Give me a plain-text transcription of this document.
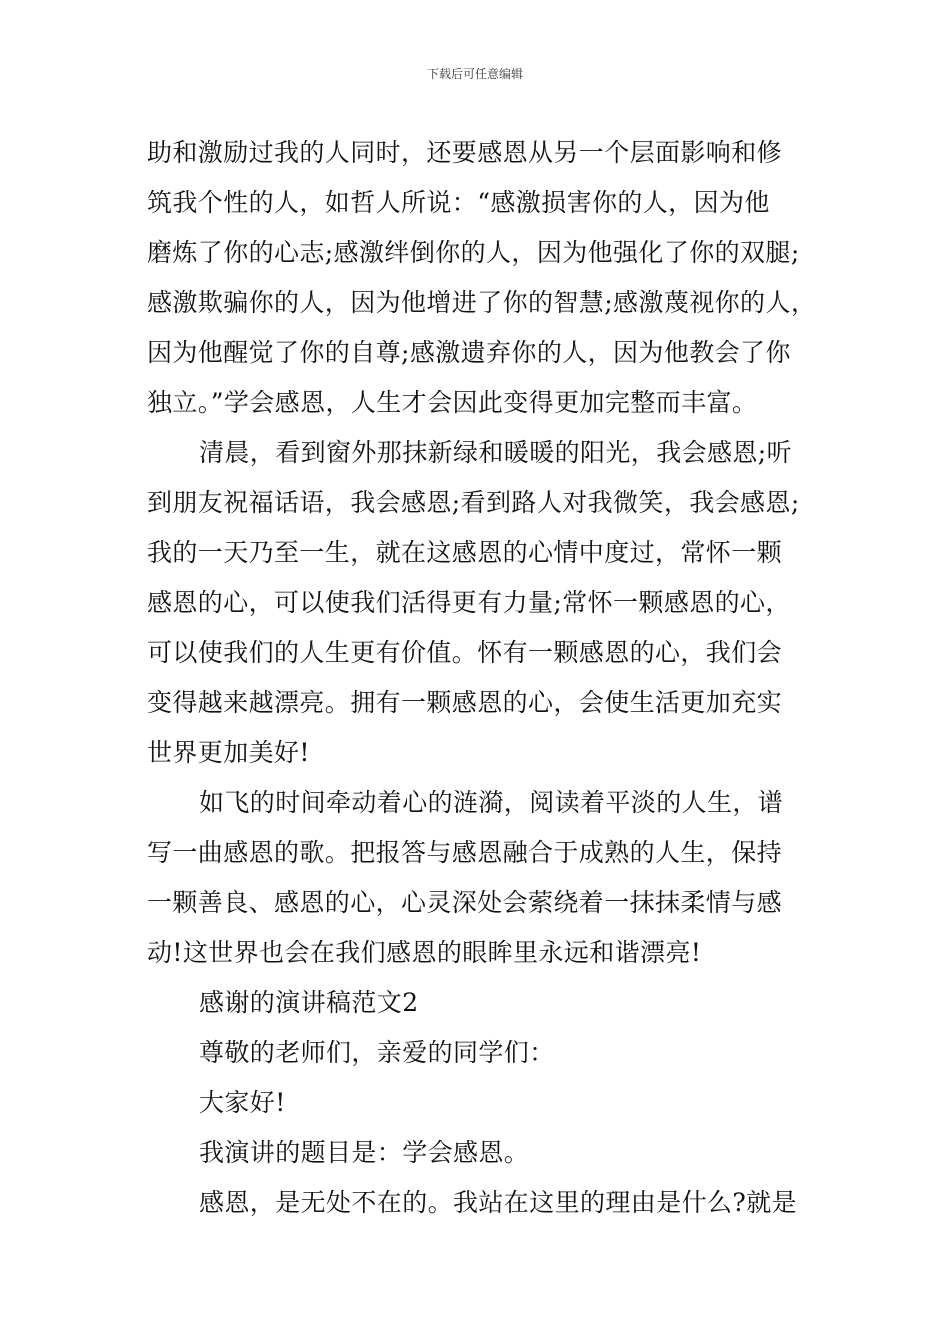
下载后可任意编辑
助和激励过我的人同时，还要感恩从另一个层面影响和修
筑我个性的人，如哲人所说：“感激损害你的人，因为他
磨炼了你的心志;感激绊倒你的人，因为他强化了你的双腿;
感激欺骗你的人，因为他增进了你的智慧;感激蔑视你的人，
因为他醒觉了你的自尊;感激遗弃你的人，因为他教会了你
独立。”学会感恩，人生才会因此变得更加完整而丰富。
清晨，看到窗外那抹新绿和暖暖的阳光，我会感恩;听
到朋友祝福话语，我会感恩;看到路人对我微笑，我会感恩;
我的一天乃至一生，就在这感恩的心情中度过，常怀一颗
感恩的心，可以使我们活得更有力量;常怀一颗感恩的心，
可以使我们的人生更有价值。怀有一颗感恩的心，我们会
变得越来越漂亮。拥有一颗感恩的心，会使生活更加充实
世界更加美好!
如飞的时间牵动着心的涟漪，阅读着平淡的人生，谱
写一曲感恩的歌。把报答与感恩融合于成熟的人生，保持
一颗善良、感恩的心，心灵深处会萦绕着一抹抹柔情与感
动!这世界也会在我们感恩的眼眸里永远和谐漂亮!
感谢的演讲稿范文2
尊敬的老师们，亲爱的同学们：
大家好!
我演讲的题目是：学会感恩。
感恩，是无处不在的。我站在这里的理由是什么?就是
